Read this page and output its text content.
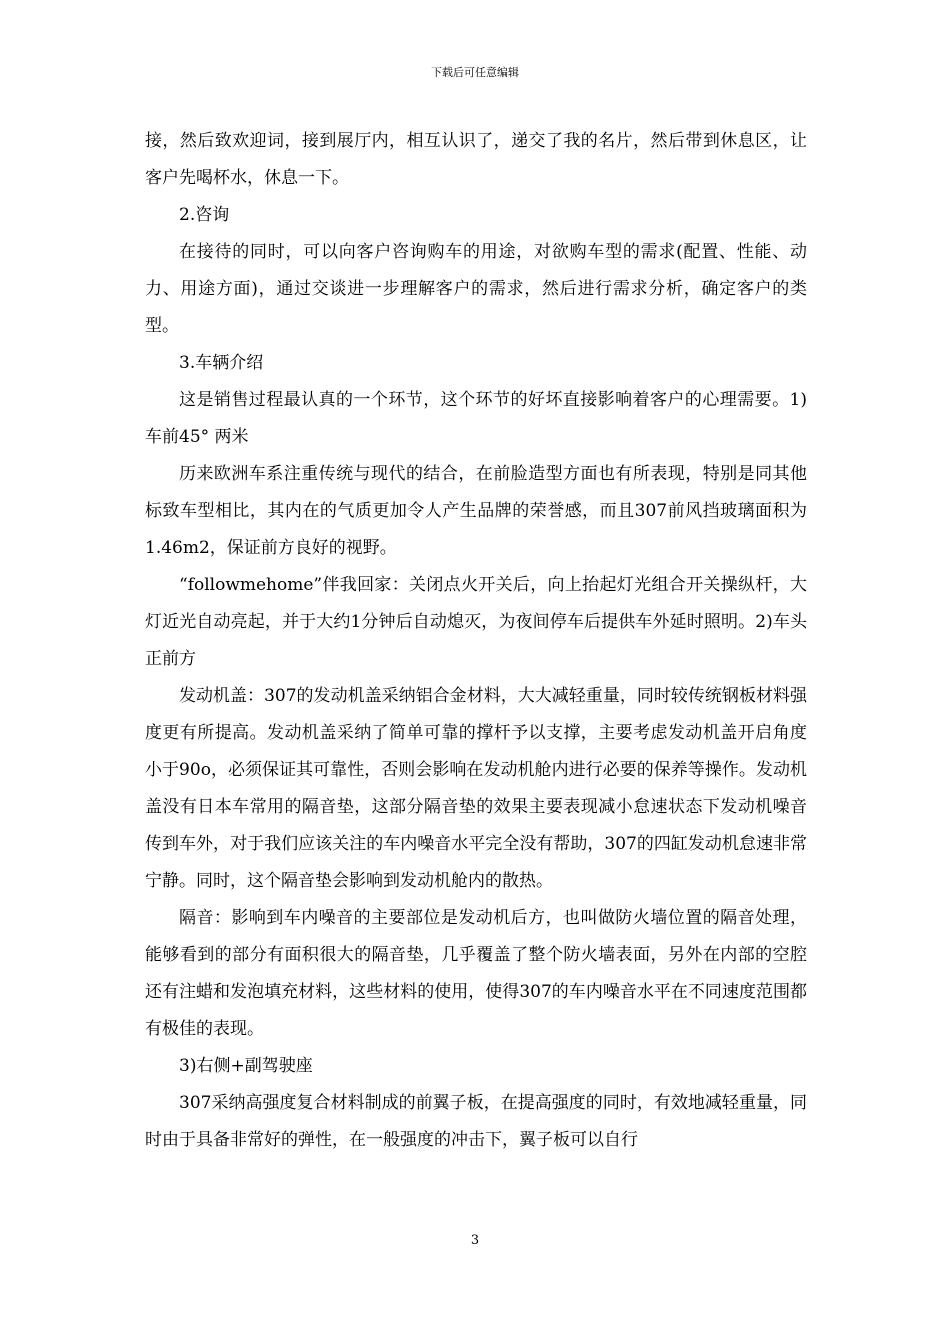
下载后可任意编辑

接，然后致欢迎词，接到展厅内，相互认识了，递交了我的名片，然后带到休息区，让客户先喝杯水，休息一下。

2.咨询

在接待的同时，可以向客户咨询购车的用途，对欲购车型的需求(配置、性能、动力、用途方面)，通过交谈进一步理解客户的需求，然后进行需求分析，确定客户的类型。

3.车辆介绍

这是销售过程最认真的一个环节，这个环节的好坏直接影响着客户的心理需要。1)车前45° 两米

历来欧洲车系注重传统与现代的结合，在前脸造型方面也有所表现，特别是同其他标致车型相比，其内在的气质更加令人产生品牌的荣誉感，而且307前风挡玻璃面积为1.46m2，保证前方良好的视野。

“followmehome”伴我回家：关闭点火开关后，向上抬起灯光组合开关操纵杆，大灯近光自动亮起，并于大约1分钟后自动熄灭，为夜间停车后提供车外延时照明。2)车头正前方

发动机盖：307的发动机盖采纳铝合金材料，大大减轻重量，同时较传统钢板材料强度更有所提高。发动机盖采纳了简单可靠的撑杆予以支撑，主要考虑发动机盖开启角度小于90o，必须保证其可靠性，否则会影响在发动机舱内进行必要的保养等操作。发动机盖没有日本车常用的隔音垫，这部分隔音垫的效果主要表现减小怠速状态下发动机噪音传到车外，对于我们应该关注的车内噪音水平完全没有帮助，307的四缸发动机怠速非常宁静。同时，这个隔音垫会影响到发动机舱内的散热。

隔音：影响到车内噪音的主要部位是发动机后方，也叫做防火墙位置的隔音处理，能够看到的部分有面积很大的隔音垫，几乎覆盖了整个防火墙表面，另外在内部的空腔还有注蜡和发泡填充材料，这些材料的使用，使得307的车内噪音水平在不同速度范围都有极佳的表现。

3)右侧+副驾驶座

307采纳高强度复合材料制成的前翼子板，在提高强度的同时，有效地减轻重量，同时由于具备非常好的弹性，在一般强度的冲击下，翼子板可以自行

3
